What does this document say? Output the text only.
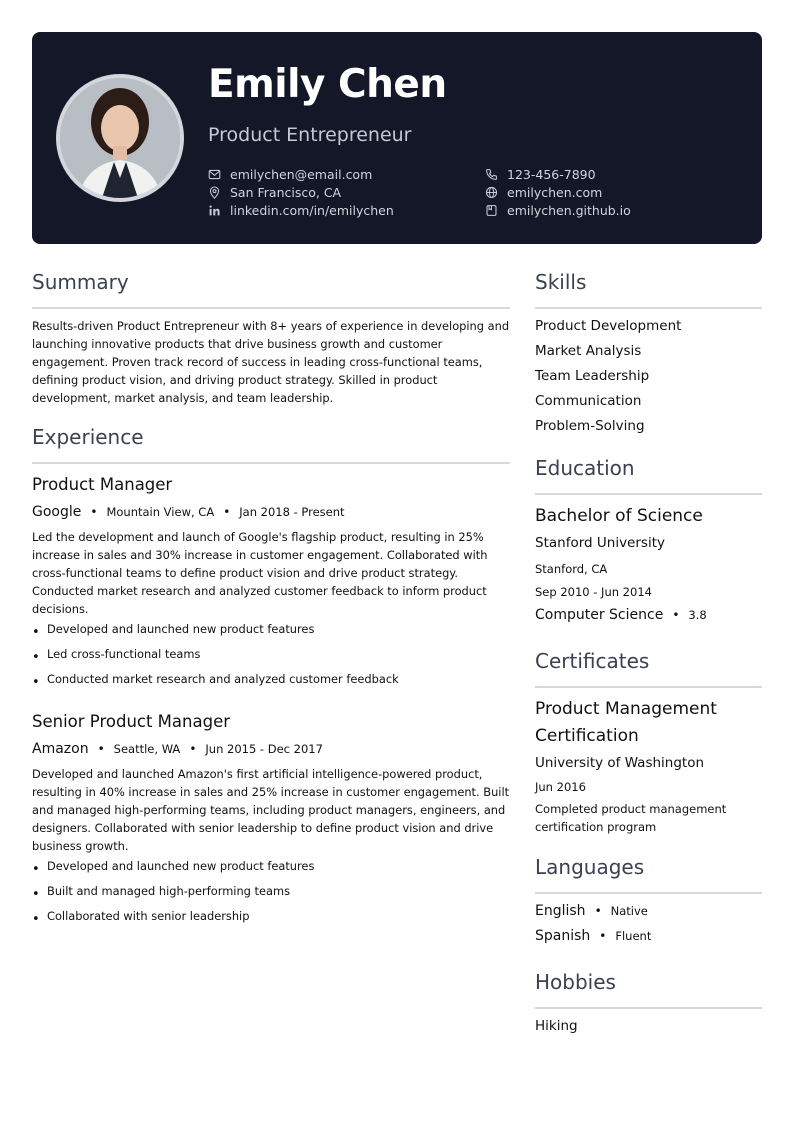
Emily Chen
Product Entrepreneur
emilychen@email.com
San Francisco, CA
linkedin.com/in/emilychen
123-456-7890
emilychen.com
emilychen.github.io
Summary
Results-driven Product Entrepreneur with 8+ years of experience in developing and launching innovative products that drive business growth and customer engagement. Proven track record of success in leading cross-functional teams, defining product vision, and driving product strategy. Skilled in product development, market analysis, and team leadership.
Experience
Product Manager
Google • Mountain View, CA • Jan 2018 - Present
Led the development and launch of Google's flagship product, resulting in 25% increase in sales and 30% increase in customer engagement. Collaborated with cross-functional teams to define product vision and drive product strategy. Conducted market research and analyzed customer feedback to inform product decisions.
• Developed and launched new product features
• Led cross-functional teams
• Conducted market research and analyzed customer feedback
Senior Product Manager
Amazon • Seattle, WA • Jun 2015 - Dec 2017
Developed and launched Amazon's first artificial intelligence-powered product, resulting in 40% increase in sales and 25% increase in customer engagement. Built and managed high-performing teams, including product managers, engineers, and designers. Collaborated with senior leadership to define product vision and drive business growth.
• Developed and launched new product features
• Built and managed high-performing teams
• Collaborated with senior leadership
Skills
Product Development
Market Analysis
Team Leadership
Communication
Problem-Solving
Education
Bachelor of Science
Stanford University
Stanford, CA
Sep 2010 - Jun 2014
Computer Science • 3.8
Certificates
Product Management
Certification
University of Washington
Jun 2016
Completed product management
certification program
Languages
English • Native
Spanish • Fluent
Hobbies
Hiking
